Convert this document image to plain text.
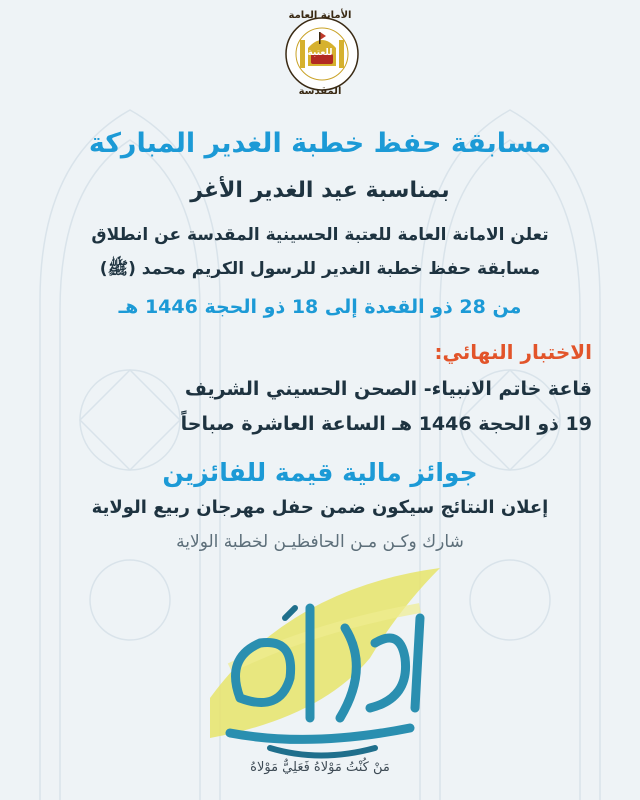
الأمانة العامة
للعتبة
المقدسة
مسابقة حفظ خطبة الغدير المباركة
بمناسبة عيد الغدير الأغر
تعلن الامانة العامة للعتبة الحسينية المقدسة عن انطلاق
مسابقة حفظ خطبة الغدير للرسول الكريم محمد (ﷺ)
من 28 ذو القعدة إلى 18 ذو الحجة 1446 هـ
الاختبار النهائي:
قاعة خاتم الانبياء- الصحن الحسيني الشريف
19 ذو الحجة 1446 هـ الساعة العاشرة صباحاً
جوائز مالية قيمة للفائزين
إعلان النتائج سيكون ضمن حفل مهرجان ربيع الولاية
شارك وكـن مـن الحافظيـن لخطبة الولاية
مَنْ كُنْتُ مَوْلاهُ فَعَلِيٌّ مَوْلاهُ
